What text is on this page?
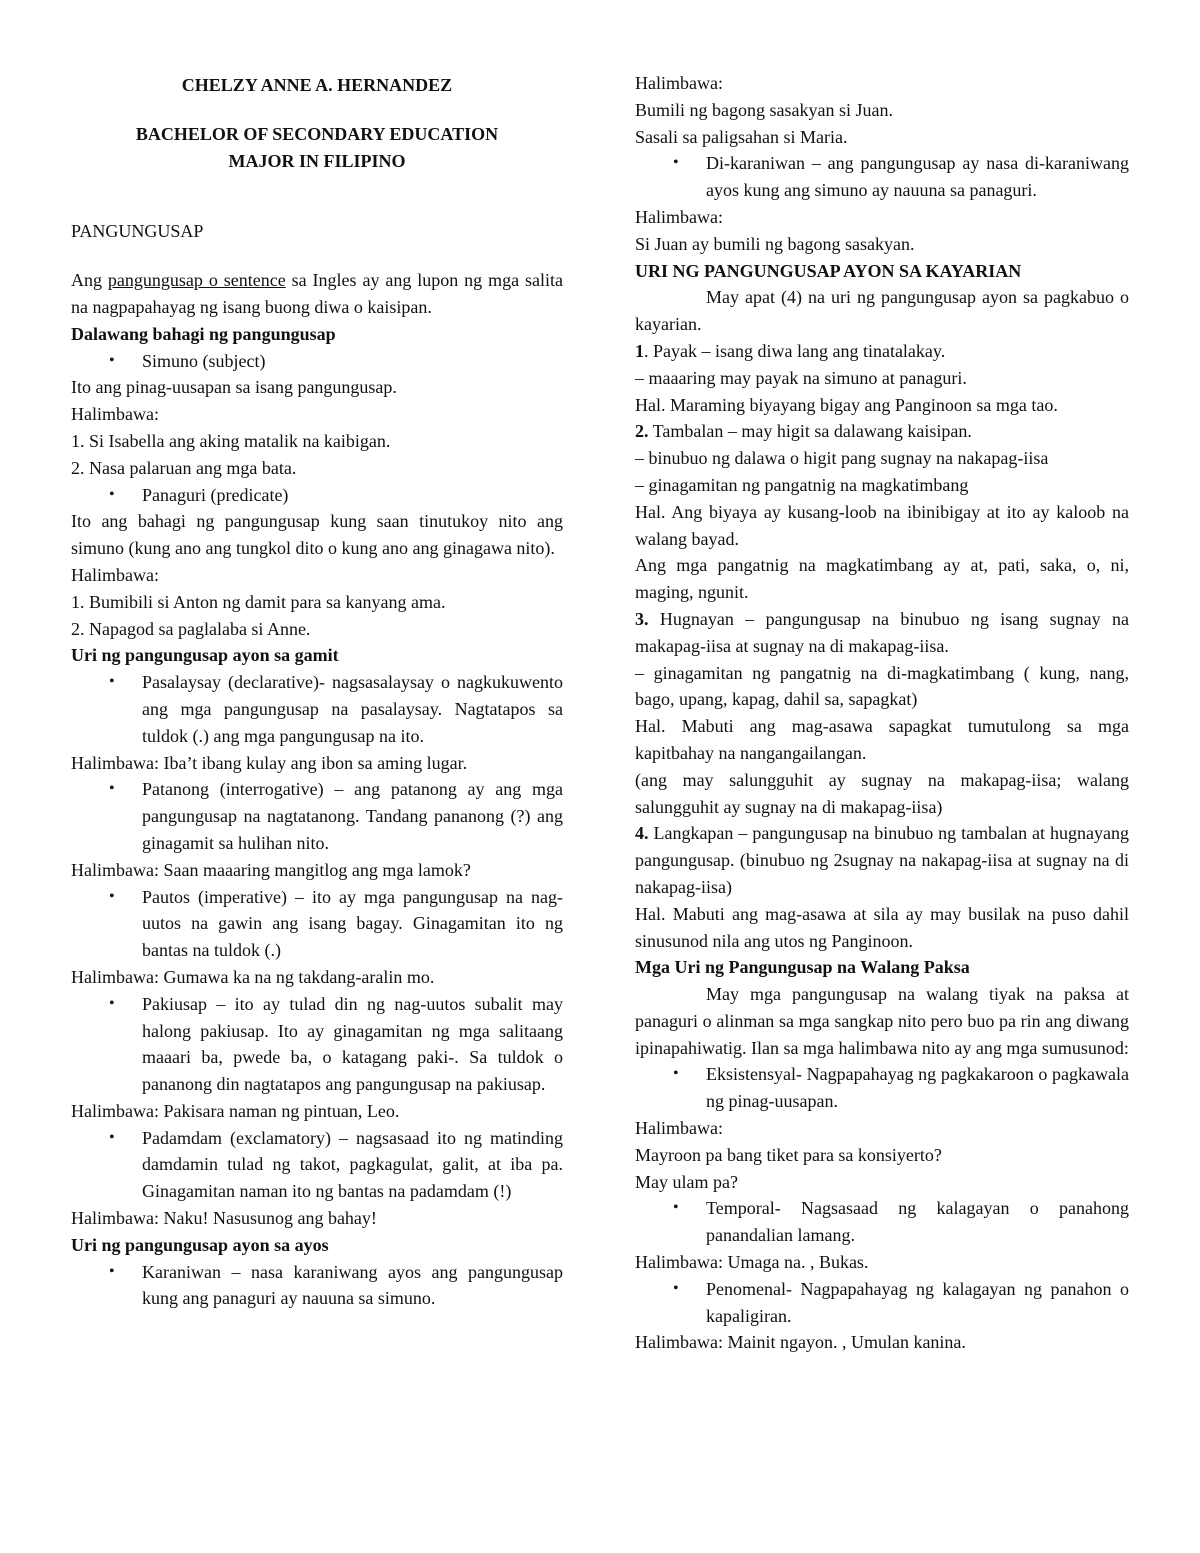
CHELZY ANNE A. HERNANDEZ

BACHELOR OF SECONDARY EDUCATION

MAJOR IN FILIPINO

PANGUNGUSAP

Ang pangungusap o sentence sa Ingles ay ang lupon ng mga salita na nagpapahayag ng isang buong diwa o kaisipan.

Dalawang bahagi ng pangungusap

• Simuno (subject)

Ito ang pinag-uusapan sa isang pangungusap.

Halimbawa:

1. Si Isabella ang aking matalik na kaibigan.

2. Nasa palaruan ang mga bata.

• Panaguri (predicate)

Ito ang bahagi ng pangungusap kung saan tinutukoy nito ang simuno (kung ano ang tungkol dito o kung ano ang ginagawa nito).

Halimbawa:

1. Bumibili si Anton ng damit para sa kanyang ama.

2. Napagod sa paglalaba si Anne.

Uri ng pangungusap ayon sa gamit

• Pasalaysay (declarative)- nagsasalaysay o nagkukuwento ang mga pangungusap na pasalaysay. Nagtatapos sa tuldok (.) ang mga pangungusap na ito.

Halimbawa: Iba’t ibang kulay ang ibon sa aming lugar.

• Patanong (interrogative) – ang patanong ay ang mga pangungusap na nagtatanong. Tandang pananong (?) ang ginagamit sa hulihan nito.

Halimbawa: Saan maaaring mangitlog ang mga lamok?

• Pautos (imperative) – ito ay mga pangungusap na nag-uutos na gawin ang isang bagay. Ginagamitan ito ng bantas na tuldok (.)

Halimbawa: Gumawa ka na ng takdang-aralin mo.

• Pakiusap – ito ay tulad din ng nag-uutos subalit may halong pakiusap. Ito ay ginagamitan ng mga salitaang maaari ba, pwede ba, o katagang paki-. Sa tuldok o pananong din nagtatapos ang pangungusap na pakiusap.

Halimbawa: Pakisara naman ng pintuan, Leo.

• Padamdam (exclamatory) – nagsasaad ito ng matinding damdamin tulad ng takot, pagkagulat, galit, at iba pa. Ginagamitan naman ito ng bantas na padamdam (!)

Halimbawa: Naku! Nasusunog ang bahay!

Uri ng pangungusap ayon sa ayos

• Karaniwan – nasa karaniwang ayos ang pangungusap kung ang panaguri ay nauuna sa simuno.

Halimbawa:

Bumili ng bagong sasakyan si Juan.

Sasali sa paligsahan si Maria.

• Di-karaniwan – ang pangungusap ay nasa di-karaniwang ayos kung ang simuno ay nauuna sa panaguri.

Halimbawa:

Si Juan ay bumili ng bagong sasakyan.

URI NG PANGUNGUSAP AYON SA KAYARIAN

May apat (4) na uri ng pangungusap ayon sa pagkabuo o kayarian.

1. Payak – isang diwa lang ang tinatalakay.

– maaaring may payak na simuno at panaguri.

Hal. Maraming biyayang bigay ang Panginoon sa mga tao.

2. Tambalan – may higit sa dalawang kaisipan.

– binubuo ng dalawa o higit pang sugnay na nakapag-iisa

– ginagamitan ng pangatnig na magkatimbang

Hal. Ang biyaya ay kusang-loob na ibinibigay at ito ay kaloob na walang bayad.

Ang mga pangatnig na magkatimbang ay at, pati, saka, o, ni, maging, ngunit.

3. Hugnayan – pangungusap na binubuo ng isang sugnay na makapag-iisa at sugnay na di makapag-iisa.

– ginagamitan ng pangatnig na di-magkatimbang ( kung, nang, bago, upang, kapag, dahil sa, sapagkat)

Hal. Mabuti ang mag-asawa sapagkat tumutulong sa mga kapitbahay na nangangailangan.

(ang may salungguhit ay sugnay na makapag-iisa; walang salungguhit ay sugnay na di makapag-iisa)

4. Langkapan – pangungusap na binubuo ng tambalan at hugnayang pangungusap. (binubuo ng 2sugnay na nakapag-iisa at sugnay na di nakapag-iisa)

Hal. Mabuti ang mag-asawa at sila ay may busilak na puso dahil sinusunod nila ang utos ng Panginoon.

Mga Uri ng Pangungusap na Walang Paksa

May mga pangungusap na walang tiyak na paksa at panaguri o alinman sa mga sangkap nito pero buo pa rin ang diwang ipinapahiwatig. Ilan sa mga halimbawa nito ay ang mga sumusunod:

• Eksistensyal- Nagpapahayag ng pagkakaroon o pagkawala ng pinag-uusapan.

Halimbawa:

Mayroon pa bang tiket para sa konsiyerto?

May ulam pa?

• Temporal- Nagsasaad ng kalagayan o panahong panandalian lamang.

Halimbawa: Umaga na. , Bukas.

• Penomenal- Nagpapahayag ng kalagayan ng panahon o kapaligiran.

Halimbawa: Mainit ngayon. , Umulan kanina.
